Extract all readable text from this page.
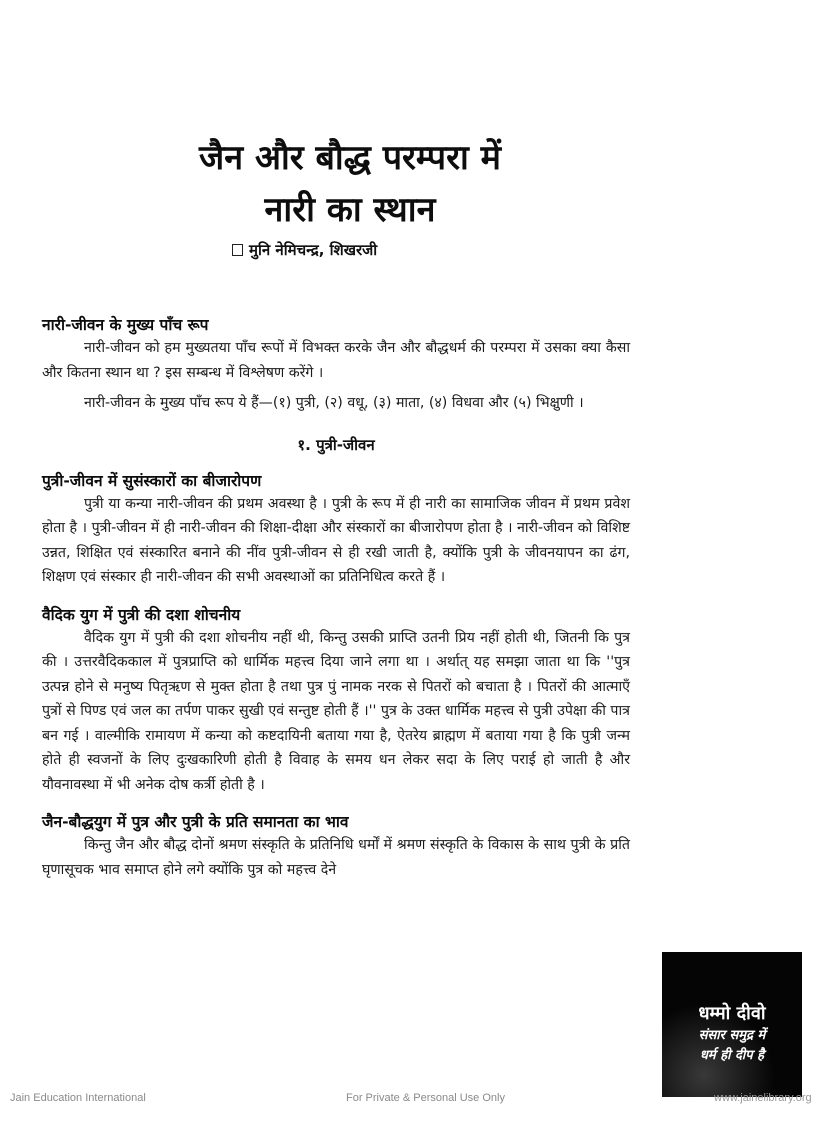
जैन और बौद्ध परम्परा में
नारी का स्थान
मुनि नेमिचन्द्र, शिखरजी
नारी-जीवन के मुख्य पाँच रूप

नारी-जीवन को हम मुख्यतया पाँच रूपों में विभक्त करके जैन और बौद्धधर्म की परम्परा में उसका क्या कैसा और कितना स्थान था ? इस सम्बन्ध में विश्लेषण करेंगे ।

नारी-जीवन के मुख्य पाँच रूप ये हैं—(१) पुत्री, (२) वधू, (३) माता, (४) विधवा और (५) भिक्षुणी ।

१. पुत्री-जीवन
पुत्री-जीवन में सुसंस्कारों का बीजारोपण

पुत्री या कन्या नारी-जीवन की प्रथम अवस्था है । पुत्री के रूप में ही नारी का सामाजिक जीवन में प्रथम प्रवेश होता है । पुत्री-जीवन में ही नारी-जीवन की शिक्षा-दीक्षा और संस्कारों का बीजारोपण होता है । नारी-जीवन को विशिष्ट उन्नत, शिक्षित एवं संस्कारित बनाने की नींव पुत्री-जीवन से ही रखी जाती है, क्योंकि पुत्री के जीवनयापन का ढंग, शिक्षण एवं संस्कार ही नारी-जीवन की सभी अवस्थाओं का प्रतिनिधित्व करते हैं ।

वैदिक युग में पुत्री की दशा शोचनीय

वैदिक युग में पुत्री की दशा शोचनीय नहीं थी, किन्तु उसकी प्राप्ति उतनी प्रिय नहीं होती थी, जितनी कि पुत्र की । उत्तरवैदिककाल में पुत्रप्राप्ति को धार्मिक महत्त्व दिया जाने लगा था । अर्थात् यह समझा जाता था कि ''पुत्र उत्पन्न होने से मनुष्य पितृऋण से मुक्त होता है तथा पुत्र पुं नामक नरक से पितरों को बचाता है । पितरों की आत्माएँ पुत्रों से पिण्ड एवं जल का तर्पण पाकर सुखी एवं सन्तुष्ट होती हैं ।'' पुत्र के उक्त धार्मिक महत्त्व से पुत्री उपेक्षा की पात्र बन गई । वाल्मीकि रामायण में कन्या को कष्टदायिनी बताया गया है, ऐतरेय ब्राह्मण में बताया गया है कि पुत्री जन्म होते ही स्वजनों के लिए दुःखकारिणी होती है विवाह के समय धन लेकर सदा के लिए पराई हो जाती है और यौवनावस्था में भी अनेक दोष कर्त्री होती है ।

जैन-बौद्धयुग में पुत्र और पुत्री के प्रति समानता का भाव

किन्तु जैन और बौद्ध दोनों श्रमण संस्कृति के प्रतिनिधि धर्मों में श्रमण संस्कृति के विकास के साथ पुत्री के प्रति घृणासूचक भाव समाप्त होने लगे क्योंकि पुत्र को महत्त्व देने

धम्मो दीवो
संसार समुद्र में
धर्म ही दीप है
Jain Education International	For Private & Personal Use Only	www.jainelibrary.org
